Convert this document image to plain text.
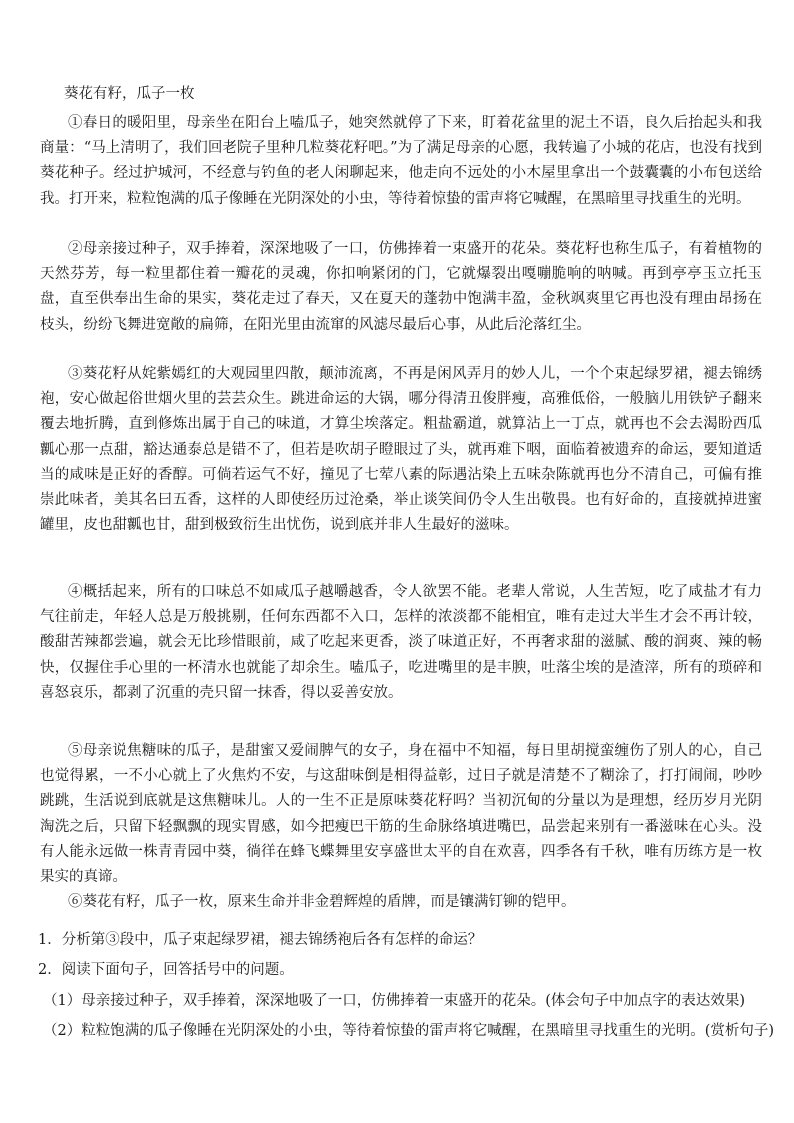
葵花有籽，瓜子一枚

①春日的暖阳里，母亲坐在阳台上嗑瓜子，她突然就停了下来，盯着花盆里的泥土不语，良久后抬起头和我商量：“马上清明了，我们回老院子里种几粒葵花籽吧。”为了满足母亲的心愿，我转遍了小城的花店，也没有找到葵花种子。经过护城河，不经意与钓鱼的老人闲聊起来，他走向不远处的小木屋里拿出一个鼓囊囊的小布包送给我。打开来，粒粒饱满的瓜子像睡在光阴深处的小虫，等待着惊蛰的雷声将它喊醒，在黑暗里寻找重生的光明。

②母亲接过种子，双手捧着，深深地吸了一口，仿佛捧着一束盛开的花朵。葵花籽也称生瓜子，有着植物的天然芬芳，每一粒里都住着一瓣花的灵魂，你扣响紧闭的门，它就爆裂出嘎嘣脆响的呐喊。再到亭亭玉立托玉盘，直至供奉出生命的果实，葵花走过了春天，又在夏天的蓬勃中饱满丰盈，金秋飒爽里它再也没有理由昂扬在枝头，纷纷飞舞进宽敞的扁筛，在阳光里由流窜的风滤尽最后心事，从此后沦落红尘。

③葵花籽从姹紫嫣红的大观园里四散，颠沛流离，不再是闲风弄月的妙人儿，一个个束起绿罗裙，褪去锦绣袍，安心做起俗世烟火里的芸芸众生。跳进命运的大锅，哪分得清丑俊胖瘦，高雅低俗，一般脑儿用铁铲子翻来覆去地折腾，直到修炼出属于自己的味道，才算尘埃落定。粗盐霸道，就算沾上一丁点，就再也不会去渴盼西瓜瓤心那一点甜，豁达通泰总是错不了，但若是吹胡子瞪眼过了头，就再难下咽，面临着被遗弃的命运，要知道适当的咸味是正好的香醇。可倘若运气不好，撞见了七荤八素的际遇沾染上五味杂陈就再也分不清自己，可偏有推崇此味者，美其名曰五香，这样的人即使经历过沧桑，举止谈笑间仍令人生出敬畏。也有好命的，直接就掉进蜜罐里，皮也甜瓤也甘，甜到极致衍生出忧伤，说到底并非人生最好的滋味。

④概括起来，所有的口味总不如咸瓜子越嚼越香，令人欲罢不能。老辈人常说，人生苦短，吃了咸盐才有力气往前走，年轻人总是万般挑剔，任何东西都不入口，怎样的浓淡都不能相宜，唯有走过大半生才会不再计较，酸甜苦辣都尝遍，就会无比珍惜眼前，咸了吃起来更香，淡了味道正好，不再奢求甜的滋腻、酸的润爽、辣的畅快，仅握住手心里的一杯清水也就能了却余生。嗑瓜子，吃进嘴里的是丰腴，吐落尘埃的是渣滓，所有的琐碎和喜怒哀乐，都剥了沉重的壳只留一抹香，得以妥善安放。

⑤母亲说焦糖味的瓜子，是甜蜜又爱闹脾气的女子，身在福中不知福，每日里胡搅蛮缠伤了别人的心，自己也觉得累，一不小心就上了火焦灼不安，与这甜味倒是相得益彰，过日子就是清楚不了糊涂了，打打闹闹，吵吵跳跳，生活说到底就是这焦糖味儿。人的一生不正是原味葵花籽吗？当初沉甸的分量以为是理想，经历岁月光阴淘洗之后，只留下轻飘飘的现实胃感，如今把瘦巴干筋的生命脉络填进嘴巴，品尝起来别有一番滋味在心头。没有人能永远做一株青青园中葵，徜徉在蜂飞蝶舞里安享盛世太平的自在欢喜，四季各有千秋，唯有历练方是一枚果实的真谛。

⑥葵花有籽，瓜子一枚，原来生命并非金碧辉煌的盾牌，而是镶满钉铆的铠甲。

1．分析第③段中，瓜子束起绿罗裙，褪去锦绣袍后各有怎样的命运？
2．阅读下面句子，回答括号中的问题。
（1）母亲接过种子，双手捧着，深深地吸了一口，仿佛捧着一束盛开的花朵。(体会句子中加点字的表达效果)
（2）粒粒饱满的瓜子像睡在光阴深处的小虫，等待着惊蛰的雷声将它喊醒，在黑暗里寻找重生的光明。(赏析句子)
